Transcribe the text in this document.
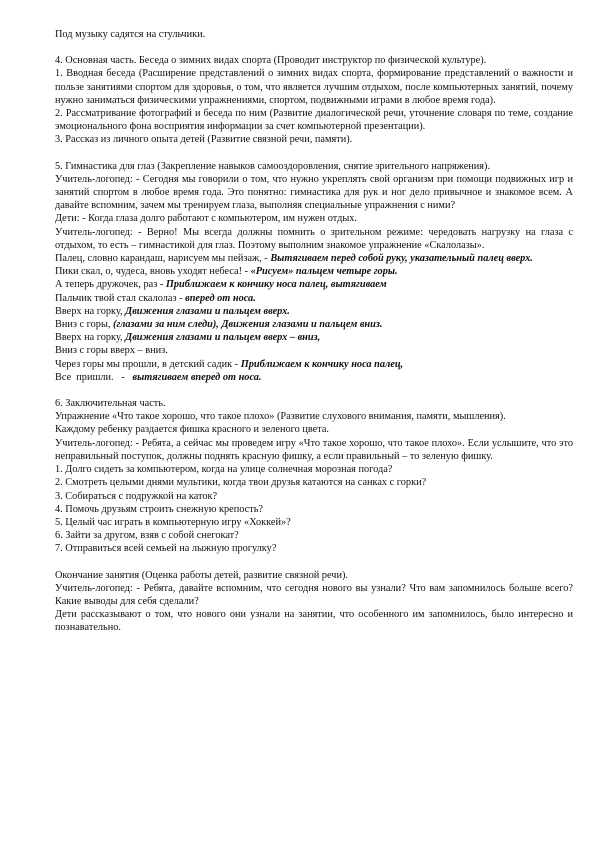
Под музыку садятся на стульчики.

4. Основная часть. Беседа о зимних видах спорта (Проводит инструктор по физической культуре).

1. Вводная беседа (Расширение представлений о зимних видах спорта, формирование представлений о важности и пользе занятиями спортом для здоровья, о том, что является лучшим отдыхом, после компьютерных занятий, почему нужно заниматься физическими упражнениями, спортом, подвижными играми в любое время года).

2. Рассматривание фотографий и беседа по ним (Развитие диалогической речи, уточнение словаря по теме, создание эмоционального фона восприятия информации за счет компьютерной презентации).

3. Рассказ из личного опыта детей (Развитие связной речи, памяти).

5. Гимнастика для глаз (Закрепление навыков самооздоровления, снятие зрительного напряжения).

Учитель-логопед: - Сегодня мы говорили о том, что нужно укреплять свой организм при помощи подвижных игр и занятий спортом в любое время года. Это понятно: гимнастика для рук и ног дело привычное и знакомое всем. А давайте вспомним, зачем мы тренируем глаза, выполняя специальные упражнения с ними?

Дети: - Когда глаза долго работают с компьютером, им нужен отдых.

Учитель-логопед: - Верно! Мы всегда должны помнить о зрительном режиме: чередовать нагрузку на глаза с отдыхом, то есть – гимнастикой для глаз. Поэтому выполним знакомое упражнение «Скалолазы».

Палец, словно карандаш, нарисуем мы пейзаж, - Вытягиваем перед собой руку, указательный палец вверх.

Пики скал, о, чудеса, вновь уходят небеса! - «Рисуем» пальцем четыре горы.

А теперь дружочек, раз - Приближаем к кончику носа палец, вытягиваем

Пальчик твой стал скалолаз - вперед от носа.

Вверх на горку, Движения глазами и пальцем вверх.

Вниз с горы, (глазами за ним следи), Движения глазами и пальцем вниз.

Вверх на горку, Движения глазами и пальцем вверх – вниз,

Вниз с горы вверх – вниз.

Через горы мы прошли, в детский садик - Приближаем к кончику носа палец,

Все  пришли.   -   вытягиваем вперед от носа.

6. Заключительная часть.

Упражнение «Что такое хорошо, что такое плохо» (Развитие слухового внимания, памяти, мышления).

Каждому ребенку раздается фишка красного и зеленого цвета.

Учитель-логопед: - Ребята, а сейчас мы проведем игру «Что такое хорошо, что такое плохо». Если услышите, что это неправильный поступок, должны поднять красную фишку, а если правильный – то зеленую фишку.

1. Долго сидеть за компьютером, когда на улице солнечная морозная погода?

2. Смотреть целыми днями мультики, когда твои друзья катаются на санках с горки?

3. Собираться с подружкой на каток?

4. Помочь друзьям строить снежную крепость?

5. Целый час играть в компьютерную игру «Хоккей»?

6. Зайти за другом, взяв с собой снегокат?

7. Отправиться всей семьей на лыжную прогулку?

Окончание занятия (Оценка работы детей, развитие связной речи).

Учитель-логопед: - Ребята, давайте вспомним, что сегодня нового вы узнали? Что вам запомнилось больше всего? Какие выводы для себя сделали?

Дети рассказывают о том, что нового они узнали на занятии, что особенного им запомнилось, было интересно и познавательно.
